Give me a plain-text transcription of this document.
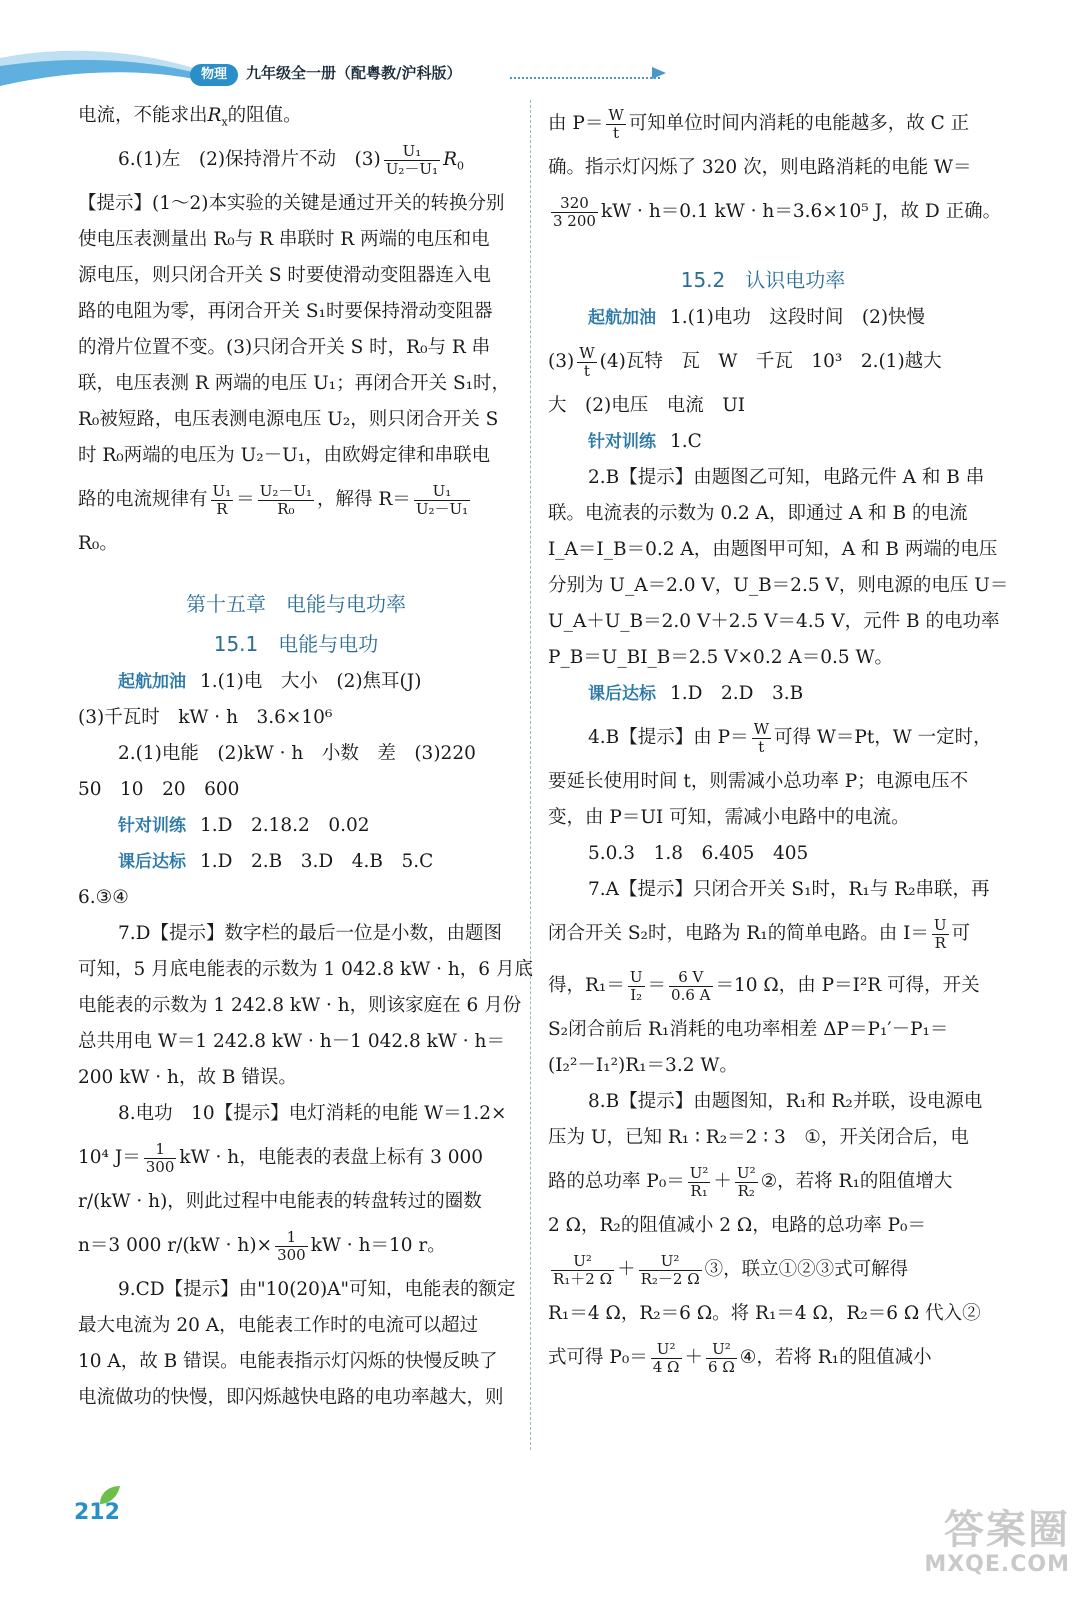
物理	九年级全一册（配粤教/沪科版）
电流，不能求出$R_x$的阻值。
6.(1)左　(2)保持滑片不动　$(3) \frac{\text{U₁}}{\text{U₂－U₁}} R_0$
【提示】(1～2)本实验的关键是通过开关的转换分别
使电压表测量出 R₀与 R 串联时 R 两端的电压和电
源电压，则只闭合开关 S 时要使滑动变阻器连入电
路的电阻为零，再闭合开关 S₁时要保持滑动变阻器
的滑片位置不变。(3)只闭合开关 S 时，R₀与 R 串
联，电压表测 R 两端的电压 U₁；再闭合开关 S₁时，
R₀被短路，电压表测电源电压 U₂，则只闭合开关 S
时 R₀两端的电压为 U₂－U₁，由欧姆定律和串联电
路的电流规律有 $\frac{\text{U₁}}{R} = \frac{\text{U₂－U₁}}{\text{R₀}}$ ，解得 $R= \frac{\text{U₁}}{\text{U₂－U₁}}$
R₀。
第十五章　电能与电功率
15.1　电能与电功
起航加油 1.(1)电　大小　(2)焦耳(J)
(3)千瓦时　kW · h　3.6×10⁶
2.(1)电能　(2)kW · h　小数　差　(3)220
50　10　20　600
针对训练 1.D　2.18.2　0.02
课后达标 1.D　2.B　3.D　4.B　5.C
6.③④
7.D【提示】数字栏的最后一位是小数，由题图
可知，5 月底电能表的示数为 1 042.8 kW · h，6 月底
电能表的示数为 1 242.8 kW · h，则该家庭在 6 月份
总共用电 W＝1 242.8 kW · h－1 042.8 kW · h＝
200 kW · h，故 B 错误。
8.电功　10【提示】电灯消耗的电能 W＝1.2×
10⁴ $J= \frac{1}{300}$ kW · h，电能表的表盘上标有 3 000
r/(kW · h)，则此过程中电能表的转盘转过的圈数
n＝3 000 $r/(kW \cdot h)\times \frac{1}{300}$ kW · h＝10 r。
9.CD【提示】由"10(20)A"可知，电能表的额定
最大电流为 20 A，电能表工作时的电流可以超过
10 A，故 B 错误。电能表指示灯闪烁的快慢反映了
电流做功的快慢，即闪烁越快电路的电功率越大，则
由 $P= \frac{W}{t}$ 可知单位时间内消耗的电能越多，故 C 正
确。指示灯闪烁了 320 次，则电路消耗的电能 W＝
$\frac{320}{3 200}$ kW · h＝0.1 kW · h＝3.6×10⁵ J，故 D 正确。
15.2　认识电功率
起航加油 1.(1)电功　这段时间　(2)快慢
$(3) \frac{W}{t} (4)$瓦特　瓦　W　千瓦　10³　2.(1)越大
大　(2)电压　电流　UI
针对训练 1.C
2.B【提示】由题图乙可知，电路元件 A 和 B 串
联。电流表的示数为 0.2 A，即通过 A 和 B 的电流
I_A＝I_B＝0.2 A，由题图甲可知，A 和 B 两端的电压
分别为 U_A＝2.0 V，U_B＝2.5 V，则电源的电压 U＝
U_A＋U_B＝2.0 V＋2.5 V＝4.5 V，元件 B 的电功率
P_B＝U_BI_B＝2.5 V×0.2 A＝0.5 W。
课后达标 1.D　2.D　3.B
4.B【提示】由 $P= \frac{W}{t}$ 可得 W＝Pt，W 一定时，
要延长使用时间 t，则需减小总功率 P；电源电压不
变，由 P＝UI 可知，需减小电路中的电流。
5.0.3　1.8　6.405　405
7.A【提示】只闭合开关 S₁时，R₁与 R₂串联，再
闭合开关 S₂时，电路为 R₁的简单电路。由 $I= \frac{U}{R}$ 可
得，$R_1= \frac{U}{\text{I₂}} = \frac{6 V}{0.6 A} =10$ Ω，由 P＝I²R 可得，开关
S₂闭合前后 R₁消耗的电功率相差 ΔP＝P₁′－P₁＝
(I₂²－I₁²)R₁＝3.2 W。
8.B【提示】由题图知，R₁和 R₂并联，设电源电
压为 U，已知 R₁ ∶ R₂＝2 ∶ 3　①，开关闭合后，电
路的总功率 $P_0= \frac{\text{U²}}{\text{R₁}} + \frac{\text{U²}}{\text{R₂}}$ ②，若将 R₁的阻值增大
2 Ω，R₂的阻值减小 2 Ω，电路的总功率 P₀＝
$\frac{\text{U²}}{\text{R₁＋2 Ω}} + \frac{\text{U²}}{\text{R₂－2 Ω}}$ ③，联立①②③式可解得
R₁＝4 Ω，R₂＝6 Ω。将 R₁＝4 Ω，R₂＝6 Ω 代入②
式可得 $P_0= \frac{\text{U²}}{4 \Omega} + \frac{\text{U²}}{6 \Omega}$ ④，若将 R₁的阻值减小
212	答案圈
MXQE.COM
